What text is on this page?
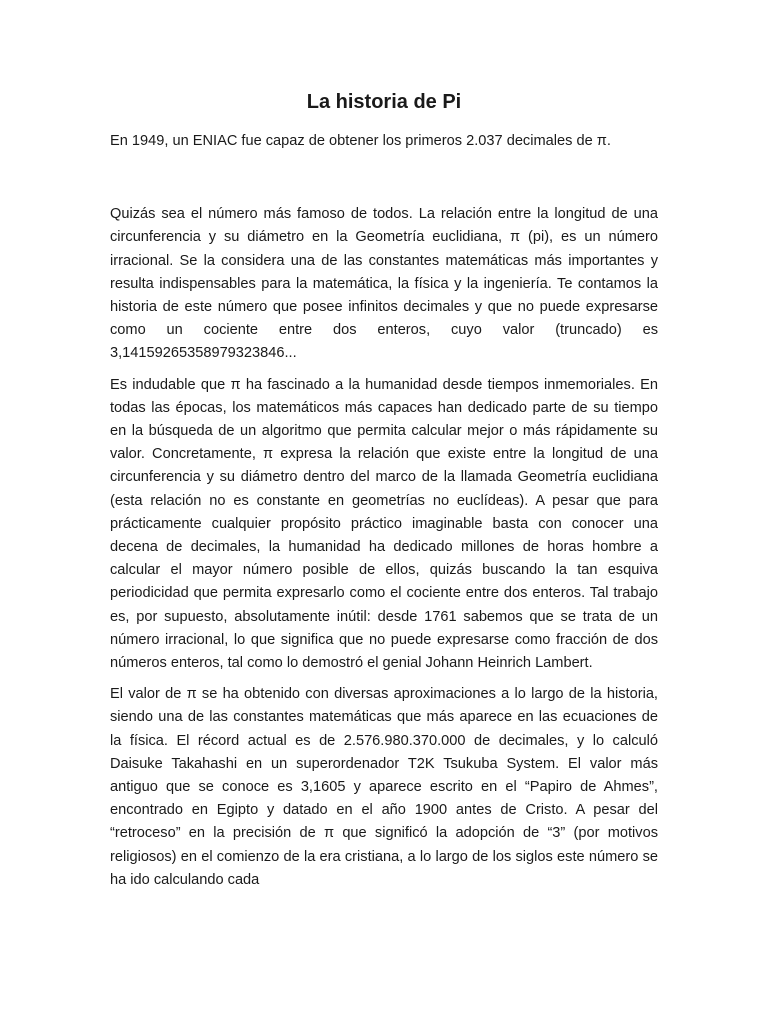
La historia de Pi

En 1949, un ENIAC fue capaz de obtener los primeros 2.037 decimales de π.

Quizás sea el número más famoso de todos. La relación entre la longitud de una circunferencia y su diámetro en la Geometría euclidiana, π (pi), es un número irracional. Se la considera una de las constantes matemáticas más importantes y resulta indispensables para la matemática, la física y la ingeniería. Te contamos la historia de este número que posee infinitos decimales y que no puede expresarse como un cociente entre dos enteros, cuyo valor (truncado) es 3,1415926535897932384​6...

Es indudable que π ha fascinado a la humanidad desde tiempos inmemoriales. En todas las épocas, los matemáticos más capaces han dedicado parte de su tiempo en la búsqueda de un algoritmo que permita calcular mejor o más rápidamente su valor. Concretamente, π expresa la relación que existe entre la longitud de una circunferencia y su diámetro dentro del marco de la llamada Geometría euclidiana (esta relación no es constante en geometrías no euclídeas). A pesar que para prácticamente cualquier propósito práctico imaginable basta con conocer una decena de decimales, la humanidad ha dedicado millones de horas hombre a calcular el mayor número posible de ellos, quizás buscando la tan esquiva periodicidad que permita expresarlo como el cociente entre dos enteros. Tal trabajo es, por supuesto, absolutamente inútil: desde 1761 sabemos que se trata de un número irracional, lo que significa que no puede expresarse como fracción de dos números enteros, tal como lo demostró el genial Johann Heinrich Lambert.

El valor de π se ha obtenido con diversas aproximaciones a lo largo de la historia, siendo una de las constantes matemáticas que más aparece en las ecuaciones de la física. El récord actual es de 2.576.980.370.000 de decimales, y lo calculó Daisuke Takahashi en un superordenador T2K Tsukuba System. El valor más antiguo que se conoce es 3,1605 y aparece escrito en el “Papiro de Ahmes”, encontrado en Egipto y datado en el año 1900 antes de Cristo. A pesar del “retroceso” en la precisión de π que significó la adopción de “3” (por motivos religiosos) en el comienzo de la era cristiana, a lo largo de los siglos este número se ha ido calculando cada
